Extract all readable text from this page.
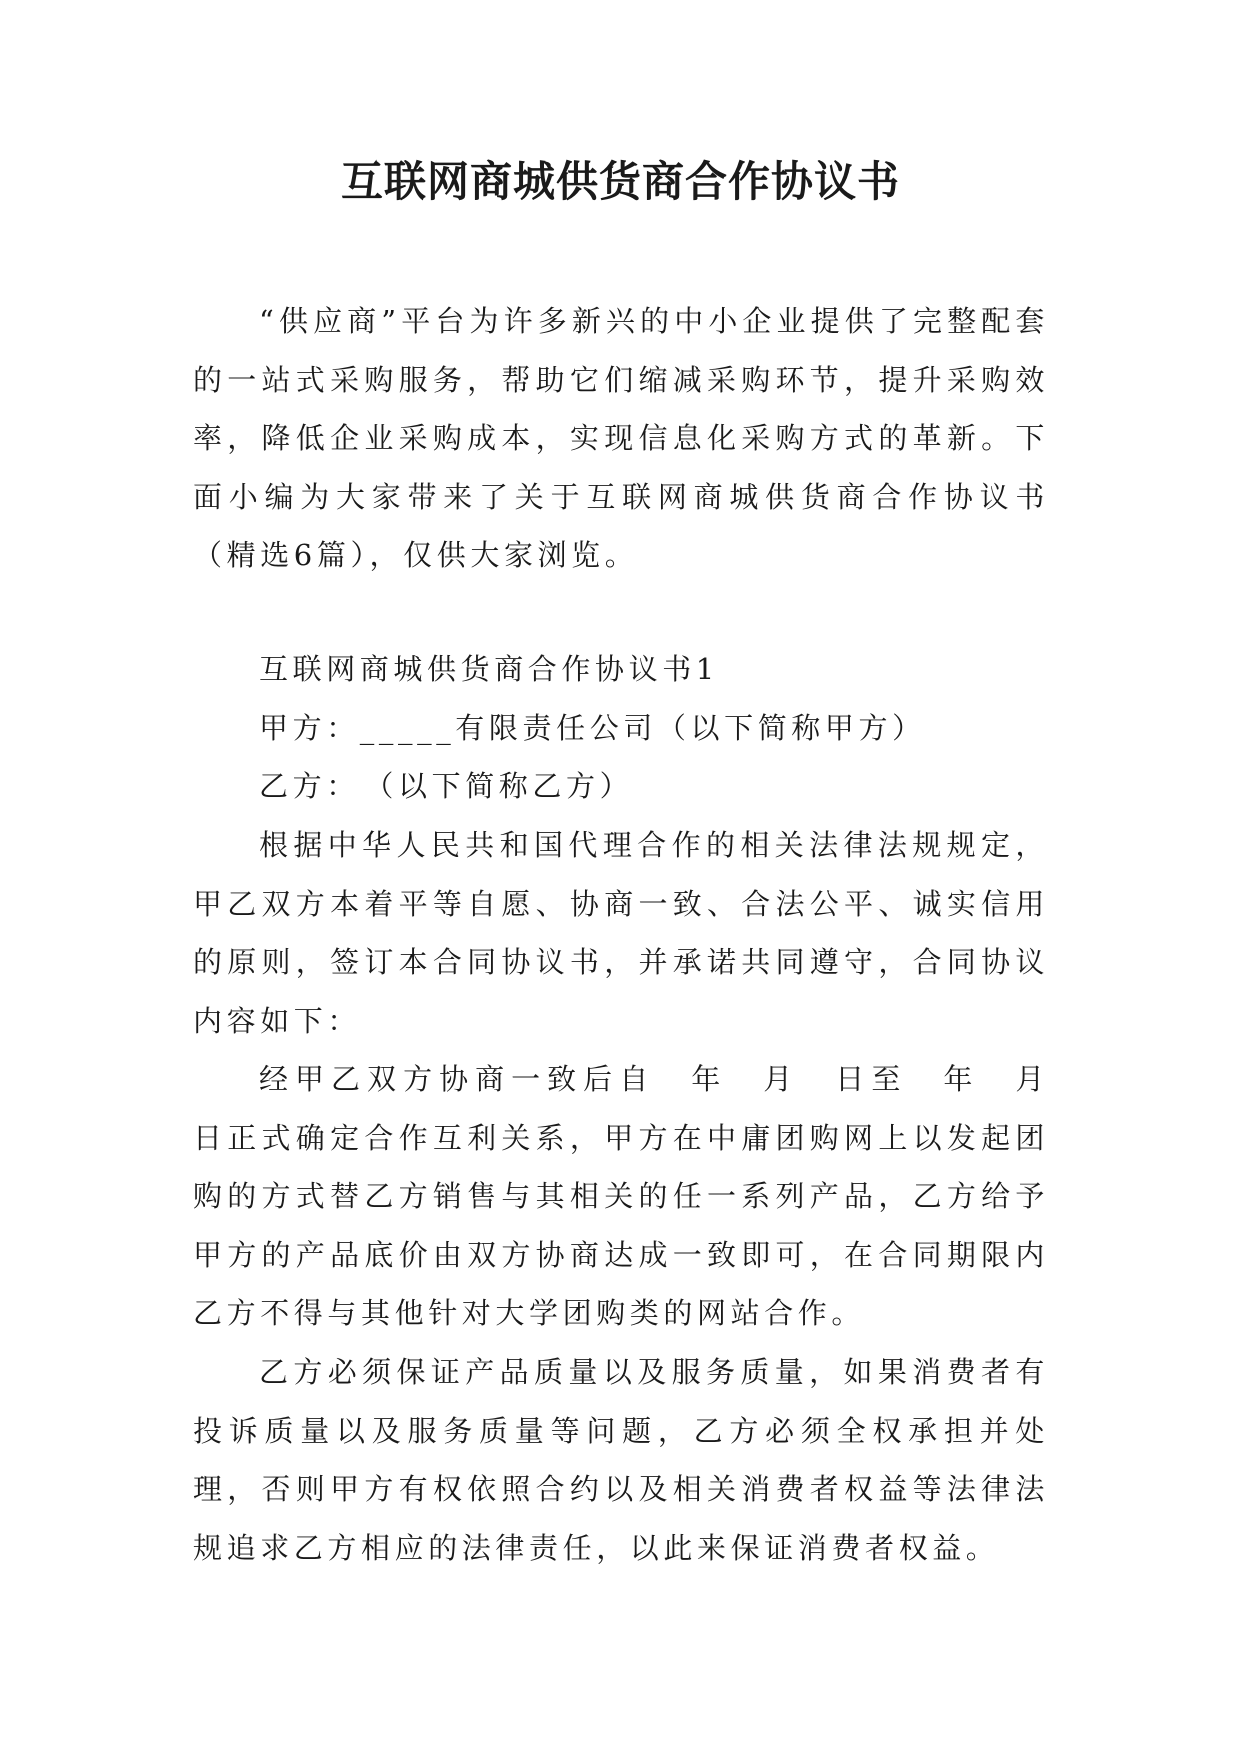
互联网商城供货商合作协议书

“供应商”平台为许多新兴的中小企业提供了完整配套的一站式采购服务，帮助它们缩减采购环节，提升采购效率，降低企业采购成本，实现信息化采购方式的革新。下面小编为大家带来了关于互联网商城供货商合作协议书（精选6篇），仅供大家浏览。

互联网商城供货商合作协议书1

甲方：_____有限责任公司（以下简称甲方）

乙方：　（以下简称乙方）

根据中华人民共和国代理合作的相关法律法规规定，甲乙双方本着平等自愿、协商一致、合法公平、诚实信用的原则，签订本合同协议书，并承诺共同遵守，合同协议内容如下：

经甲乙双方协商一致后自　年　月　日至　年　月　日正式确定合作互利关系，甲方在中庸团购网上以发起团购的方式替乙方销售与其相关的任一系列产品，乙方给予甲方的产品底价由双方协商达成一致即可，在合同期限内乙方不得与其他针对大学团购类的网站合作。

乙方必须保证产品质量以及服务质量，如果消费者有投诉质量以及服务质量等问题，乙方必须全权承担并处理，否则甲方有权依照合约以及相关消费者权益等法律法规追求乙方相应的法律责任，以此来保证消费者权益。
